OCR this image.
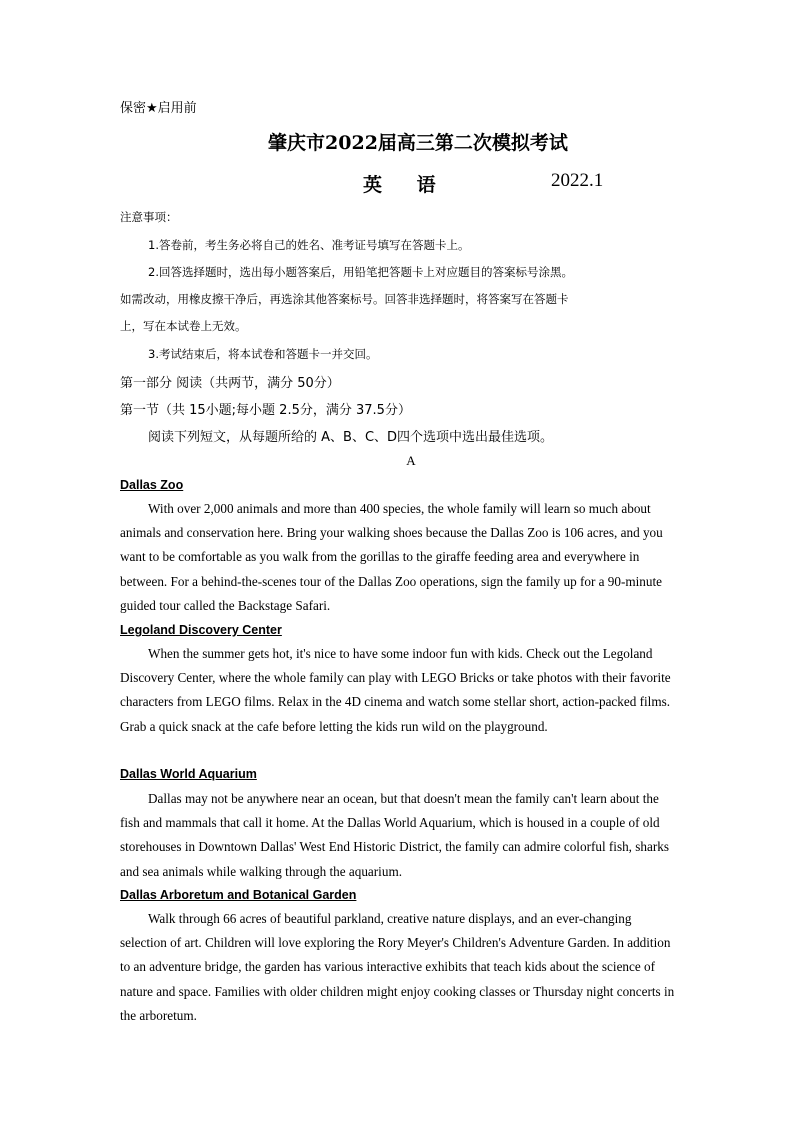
保密★启用前
肇庆市2022届高三第二次模拟考试
英 语	2022.1
注意事项：
1.答卷前，考生务必将自己的姓名、准考证号填写在答题卡上。
2.回答选择题时，选出每小题答案后，用铅笔把答题卡上对应题目的答案标号涂黑。
如需改动，用橡皮擦干净后，再选涂其他答案标号。回答非选择题时，将答案写在答题卡
上，写在本试卷上无效。
3.考试结束后，将本试卷和答题卡一并交回。
第一部分 阅读（共两节，满分 50分）
第一节（共 15小题;每小题 2.5分，满分 37.5分）
阅读下列短文，从每题所给的 A、B、C、D四个选项中选出最佳选项。
A
Dallas Zoo
With over 2,000 animals and more than 400 species, the whole family will learn so much about animals and conservation here. Bring your walking shoes because the Dallas Zoo is 106 acres, and you want to be comfortable as you walk from the gorillas to the giraffe feeding area and everywhere in between. For a behind-the-scenes tour of the Dallas Zoo operations, sign the family up for a 90-minute guided tour called the Backstage Safari.
Legoland Discovery Center
When the summer gets hot, it's nice to have some indoor fun with kids. Check out the Legoland Discovery Center, where the whole family can play with LEGO Bricks or take photos with their favorite characters from LEGO films. Relax in the 4D cinema and watch some stellar short, action-packed films. Grab a quick snack at the cafe before letting the kids run wild on the playground.
Dallas World Aquarium
Dallas may not be anywhere near an ocean, but that doesn't mean the family can't learn about the fish and mammals that call it home. At the Dallas World Aquarium, which is housed in a couple of old storehouses in Downtown Dallas' West End Historic District, the family can admire colorful fish, sharks and sea animals while walking through the aquarium.
Dallas Arboretum and Botanical Garden
Walk through 66 acres of beautiful parkland, creative nature displays, and an ever-changing selection of art. Children will love exploring the Rory Meyer's Children's Adventure Garden. In addition to an adventure bridge, the garden has various interactive exhibits that teach kids about the science of nature and space. Families with older children might enjoy cooking classes or Thursday night concerts in the arboretum.
